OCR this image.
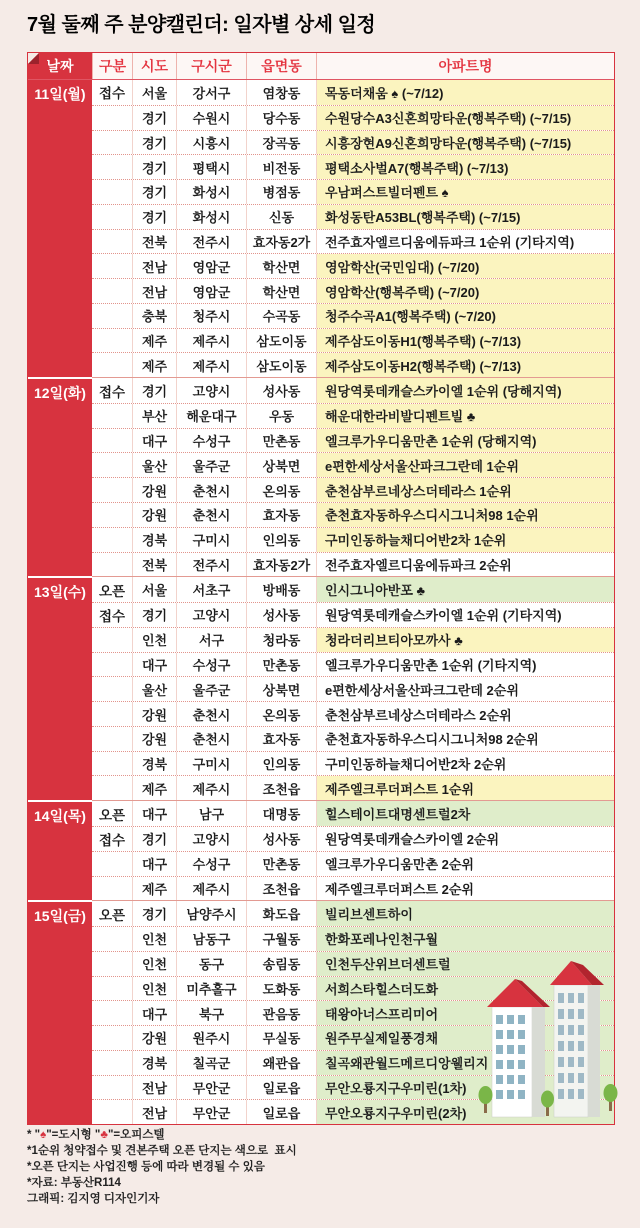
7월 둘째 주 분양캘린더: 일자별 상세 일정
날짜	구분	시도	구시군	읍면동	아파트명
11일(월) 접수	서울	강서구	염창동	목동더채움 ♠ (~7/12)
경기	수원시	당수동	수원당수A3신혼희망타운(행복주택) (~7/15)
경기	시흥시	장곡동	시흥장현A9신혼희망타운(행복주택) (~7/15)
경기	평택시	비전동	평택소사벌A7(행복주택) (~7/13)
경기	화성시	병점동	우남퍼스트빌더펜트 ♠
경기	화성시	신동	화성동탄A53BL(행복주택) (~7/15)
전북	전주시	효자동2가	전주효자엘르디움에듀파크 1순위 (기타지역)
전남	영암군	학산면	영암학산(국민임대) (~7/20)
전남	영암군	학산면	영암학산(행복주택) (~7/20)
충북	청주시	수곡동	청주수곡A1(행복주택) (~7/20)
제주	제주시	삼도이동	제주삼도이동H1(행복주택) (~7/13)
제주	제주시	삼도이동	제주삼도이동H2(행복주택) (~7/13)
12일(화) 접수	경기	고양시	성사동	원당역롯데캐슬스카이엘 1순위 (당해지역)
부산	해운대구	우동	해운대한라비발디펜트빌 ♣
대구	수성구	만촌동	엘크루가우디움만촌 1순위 (당해지역)
울산	울주군	상북면	e편한세상서울산파크그란데 1순위
강원	춘천시	온의동	춘천삼부르네상스더테라스 1순위
강원	춘천시	효자동	춘천효자동하우스디시그니처98 1순위
경북	구미시	인의동	구미인동하늘채디어반2차 1순위
전북	전주시	효자동2가	전주효자엘르디움에듀파크 2순위
13일(수) 오픈	서울	서초구	방배동	인시그니아반포 ♣
접수	경기	고양시	성사동	원당역롯데캐슬스카이엘 1순위 (기타지역)
인천	서구	청라동	청라더리브티아모까사 ♣
대구	수성구	만촌동	엘크루가우디움만촌 1순위 (기타지역)
울산	울주군	상북면	e편한세상서울산파크그란데 2순위
강원	춘천시	온의동	춘천삼부르네상스더테라스 2순위
강원	춘천시	효자동	춘천효자동하우스디시그니처98 2순위
경북	구미시	인의동	구미인동하늘채디어반2차 2순위
제주	제주시	조천읍	제주엘크루더퍼스트 1순위
14일(목) 오픈	대구	남구	대명동	힐스테이트대명센트럴2차
접수	경기	고양시	성사동	원당역롯데캐슬스카이엘 2순위
대구	수성구	만촌동	엘크루가우디움만촌 2순위
제주	제주시	조천읍	제주엘크루더퍼스트 2순위
15일(금) 오픈	경기	남양주시	화도읍	빌리브센트하이
인천	남동구	구월동	한화포레나인천구월
인천	동구	송림동	인천두산위브더센트럴
인천	미추홀구	도화동	서희스타힐스더도화
대구	북구	관음동	태왕아너스프리미어
강원	원주시	무실동	원주무실제일풍경채
경북	칠곡군	왜관읍	칠곡왜관월드메르디앙웰리지
전남	무안군	일로읍	무안오룡지구우미린(1차)
전남	무안군	일로읍	무안오룡지구우미린(2차)
* "♠"=도시형 "♣"=오피스텔
*1순위 청약접수 및 견본주택 오픈 단지는 색으로  표시
*오픈 단지는 사업진행 등에 따라 변경될 수 있음
*자료: 부동산R114
그래픽: 김지영 디자인기자
